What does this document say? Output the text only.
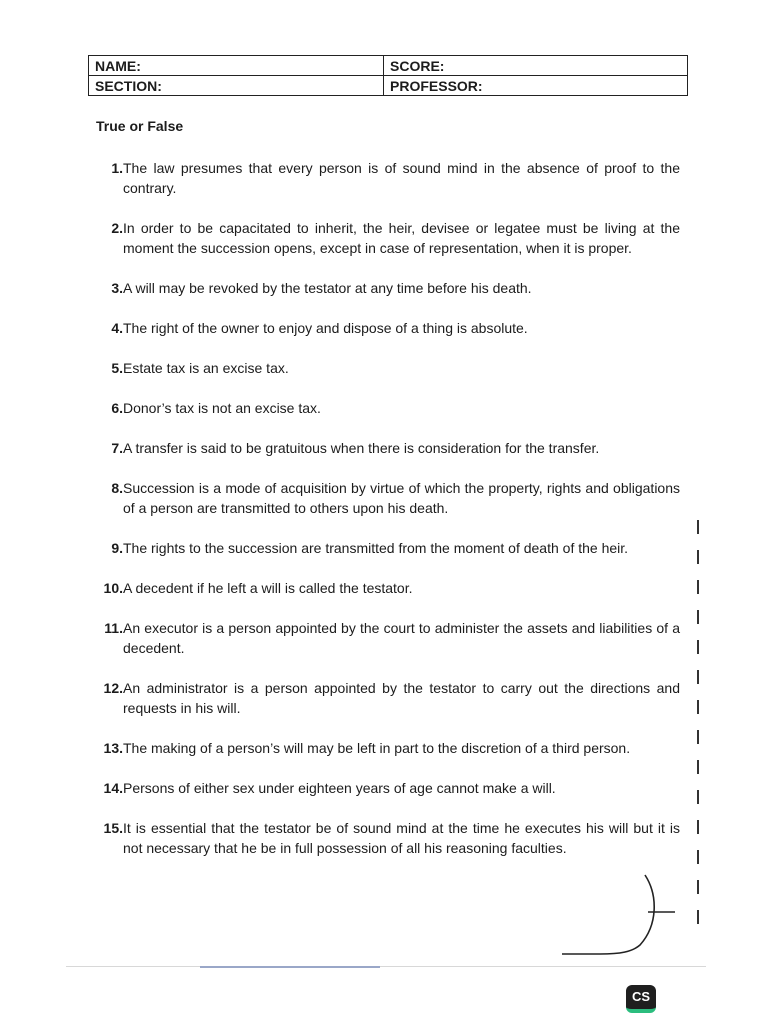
NAME:	SCORE:
SECTION:	PROFESSOR:
True or False
1. The law presumes that every person is of sound mind in the absence of proof to the contrary.
2. In order to be capacitated to inherit, the heir, devisee or legatee must be living at the moment the succession opens, except in case of representation, when it is proper.
3. A will may be revoked by the testator at any time before his death.
4. The right of the owner to enjoy and dispose of a thing is absolute.
5. Estate tax is an excise tax.
6. Donor’s tax is not an excise tax.
7. A transfer is said to be gratuitous when there is consideration for the transfer.
8. Succession is a mode of acquisition by virtue of which the property, rights and obligations of a person are transmitted to others upon his death.
9. The rights to the succession are transmitted from the moment of death of the heir.
10. A decedent if he left a will is called the testator.
11. An executor is a person appointed by the court to administer the assets and liabilities of a decedent.
12. An administrator is a person appointed by the testator to carry out the directions and requests in his will.
13. The making of a person’s will may be left in part to the discretion of a third person.
14. Persons of either sex under eighteen years of age cannot make a will.
15. It is essential that the testator be of sound mind at the time he executes his will but it is not necessary that he be in full possession of all his reasoning faculties.
CS
